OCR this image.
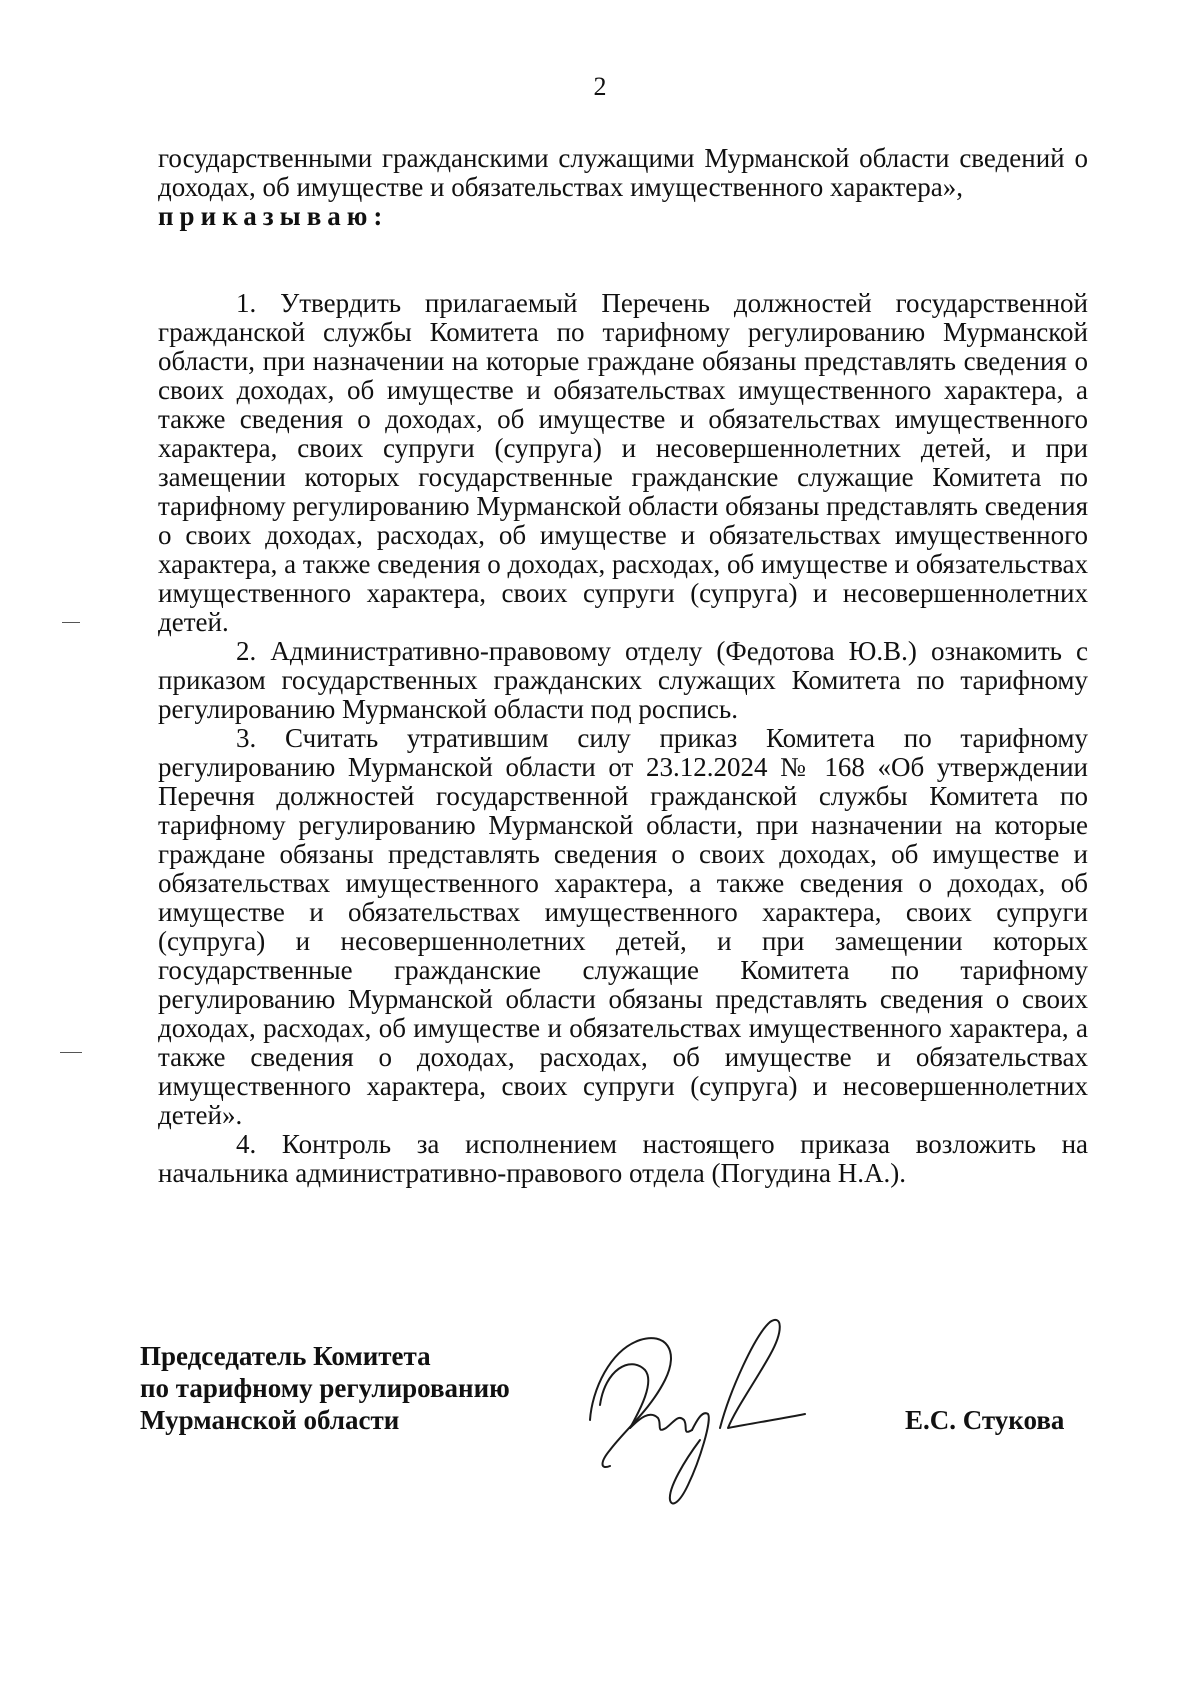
2

государственными гражданскими служащими Мурманской области сведений о доходах, об имуществе и обязательствах имущественного характера»,
приказываю:

1. Утвердить прилагаемый Перечень должностей государственной гражданской службы Комитета по тарифному регулированию Мурманской области, при назначении на которые граждане обязаны представлять сведения о своих доходах, об имуществе и обязательствах имущественного характера, а также сведения о доходах, об имуществе и обязательствах имущественного характера, своих супруги (супруга) и несовершеннолетних детей, и при замещении которых государственные гражданские служащие Комитета по тарифному регулированию Мурманской области обязаны представлять сведения о своих доходах, расходах, об имуществе и обязательствах имущественного характера, а также сведения о доходах, расходах, об имуществе и обязательствах имущественного характера, своих супруги (супруга) и несовершеннолетних детей.

2. Административно-правовому отделу (Федотова Ю.В.) ознакомить с приказом государственных гражданских служащих Комитета по тарифному регулированию Мурманской области под роспись.

3. Считать утратившим силу приказ Комитета по тарифному регулированию Мурманской области от 23.12.2024 № 168 «Об утверждении Перечня должностей государственной гражданской службы Комитета по тарифному регулированию Мурманской области, при назначении на которые граждане обязаны представлять сведения о своих доходах, об имуществе и обязательствах имущественного характера, а также сведения о доходах, об имуществе и обязательствах имущественного характера, своих супруги (супруга) и несовершеннолетних детей, и при замещении которых государственные гражданские служащие Комитета по тарифному регулированию Мурманской области обязаны представлять сведения о своих доходах, расходах, об имуществе и обязательствах имущественного характера, а также сведения о доходах, расходах, об имуществе и обязательствах имущественного характера, своих супруги (супруга) и несовершеннолетних детей».

4. Контроль за исполнением настоящего приказа возложить на начальника административно-правового отдела (Погудина Н.А.).

Председатель Комитета
по тарифному регулированию
Мурманской области	Е.С. Стукова
